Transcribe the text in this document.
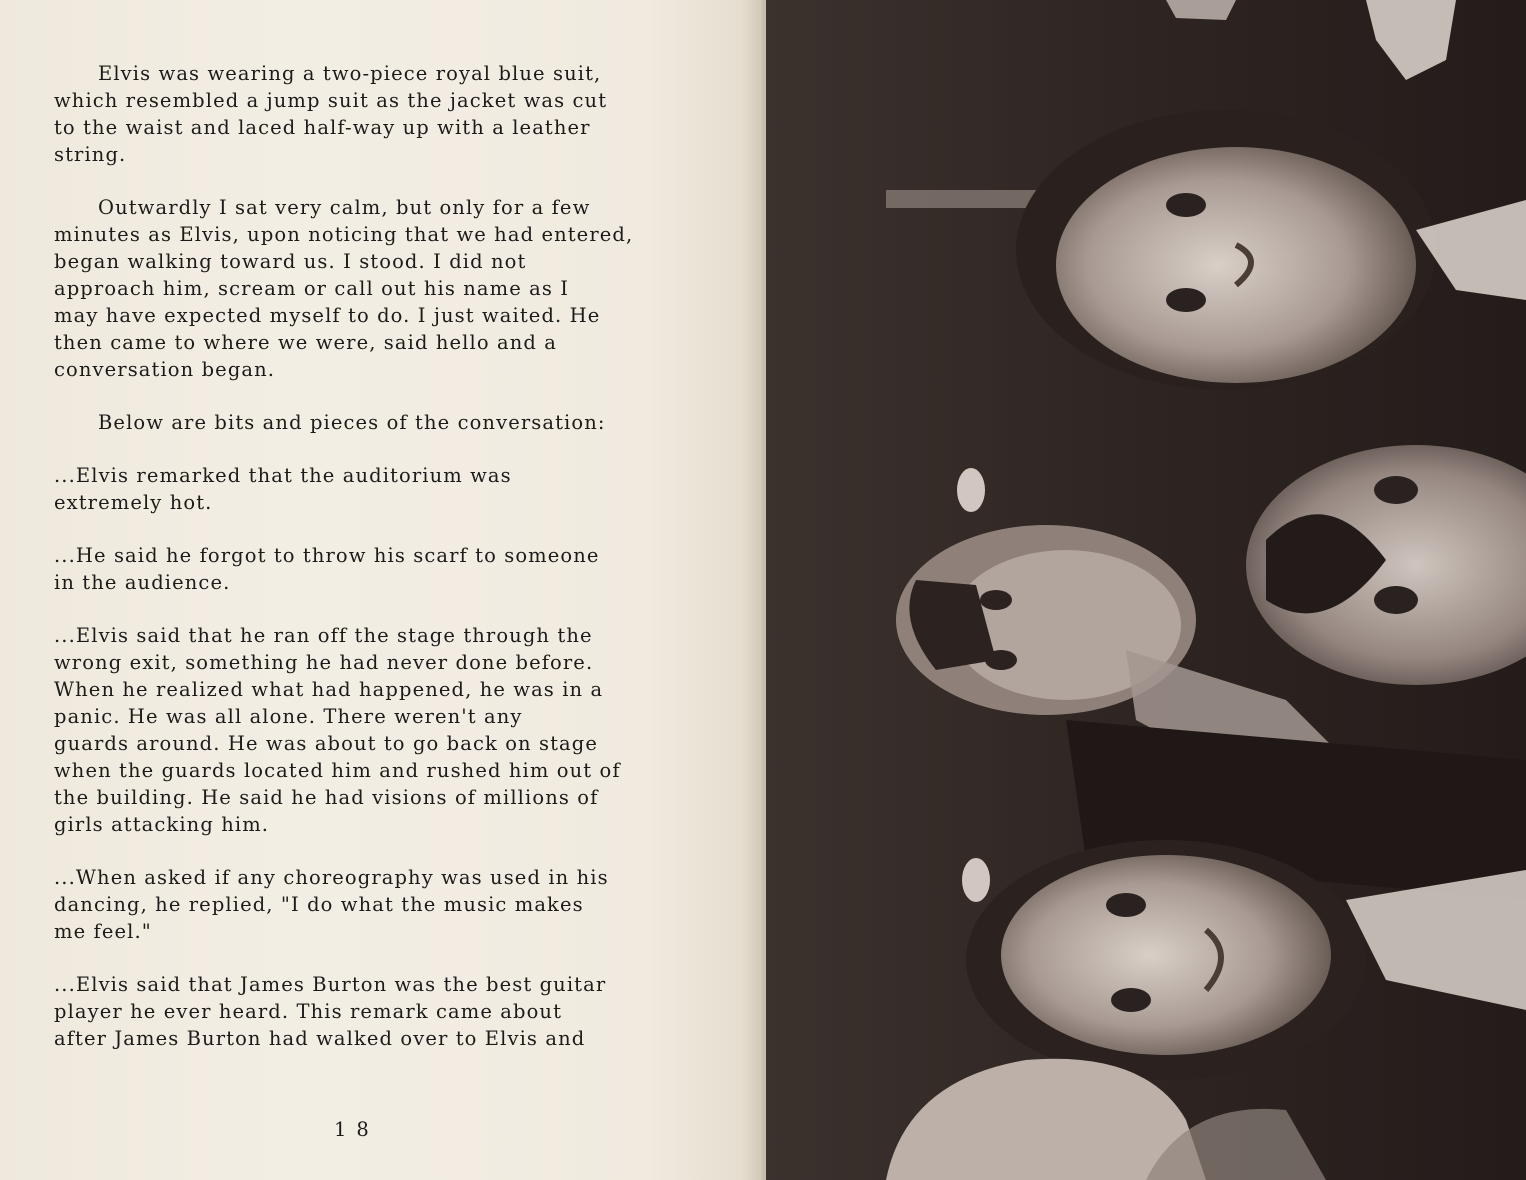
Elvis was wearing a two-piece royal blue suit,
which resembled a jump suit as the jacket was cut
to the waist and laced half-way up with a leather
string.

Outwardly I sat very calm, but only for a few
minutes as Elvis, upon noticing that we had entered,
began walking toward us. I stood. I did not
approach him, scream or call out his name as I
may have expected myself to do. I just waited. He
then came to where we were, said hello and a
conversation began.

Below are bits and pieces of the conversation:

...Elvis remarked that the auditorium was
extremely hot.

...He said he forgot to throw his scarf to someone
in the audience.

...Elvis said that he ran off the stage through the
wrong exit, something he had never done before.
When he realized what had happened, he was in a
panic. He was all alone. There weren't any
guards around. He was about to go back on stage
when the guards located him and rushed him out of
the building. He said he had visions of millions of
girls attacking him.

...When asked if any choreography was used in his
dancing, he replied, "I do what the music makes
me feel."

...Elvis said that James Burton was the best guitar
player he ever heard. This remark came about
after James Burton had walked over to Elvis and

18
